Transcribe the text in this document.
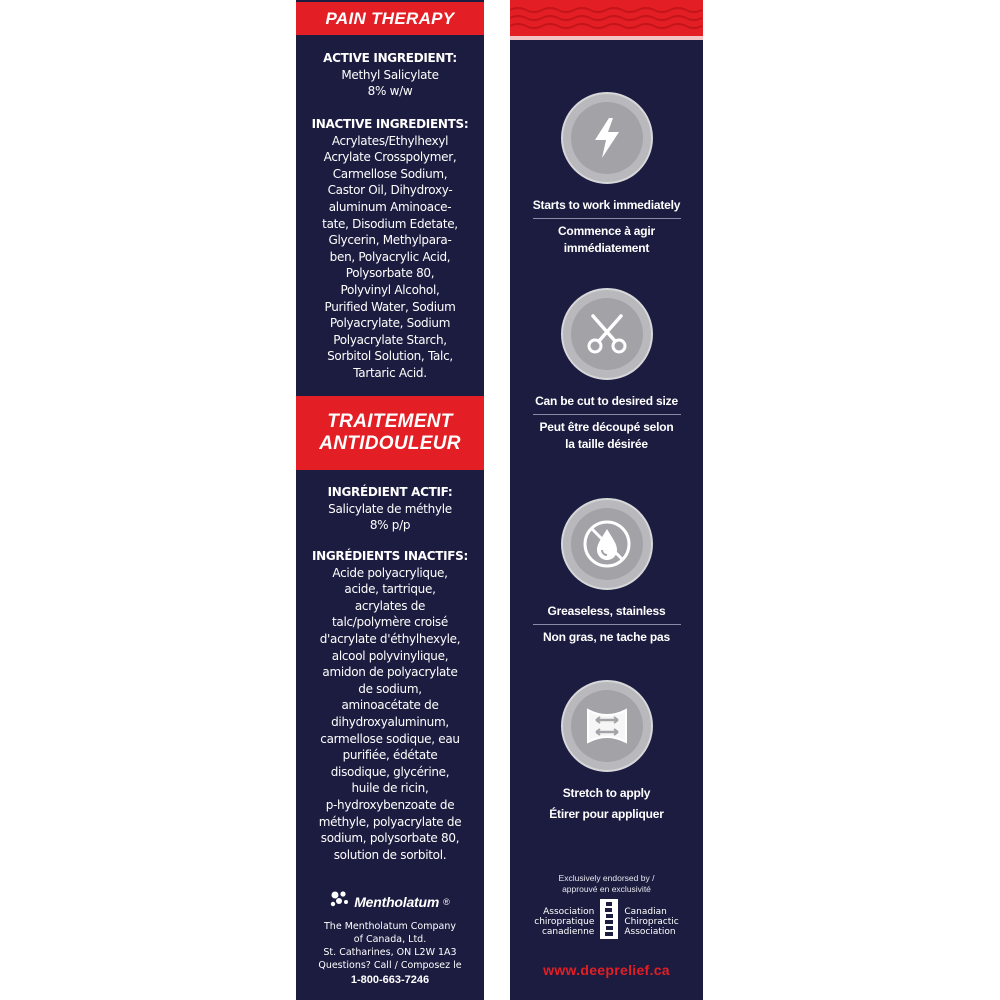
PAIN THERAPY
ACTIVE INGREDIENT:
Methyl Salicylate
8% w/w
INACTIVE INGREDIENTS:
Acrylates/Ethylhexyl
Acrylate Crosspolymer,
Carmellose Sodium,
Castor Oil, Dihydroxy-
aluminum Aminoace-
tate, Disodium Edetate,
Glycerin, Methylpara-
ben, Polyacrylic Acid,
Polysorbate 80,
Polyvinyl Alcohol,
Purified Water, Sodium
Polyacrylate, Sodium
Polyacrylate Starch,
Sorbitol Solution, Talc,
Tartaric Acid.
TRAITEMENT
ANTIDOULEUR
INGRÉDIENT ACTIF:
Salicylate de méthyle
8% p/p
INGRÉDIENTS INACTIFS:
Acide polyacrylique,
acide, tartrique,
acrylates de
talc/polymère croisé
d'acrylate d'éthylhexyle,
alcool polyvinylique,
amidon de polyacrylate
de sodium,
aminoacétate de
dihydroxyaluminum,
carmellose sodique, eau
purifiée, édétate
disodique, glycérine,
huile de ricin,
p-hydroxybenzoate de
méthyle, polyacrylate de
sodium, polysorbate 80,
solution de sorbitol.
Mentholatum ®
The Mentholatum Company
of Canada, Ltd.
St. Catharines, ON L2W 1A3
Questions? Call / Composez le
1-800-663-7246
Starts to work immediately
Commence à agir
immédiatement
Can be cut to desired size
Peut être découpé selon
la taille désirée
Greaseless, stainless
Non gras, ne tache pas
Stretch to apply
Étirer pour appliquer
Exclusively endorsed by /
approuvé en exclusivité
Association
chiropratique
canadienne
Canadian
Chiropractic
Association
www.deeprelief.ca
